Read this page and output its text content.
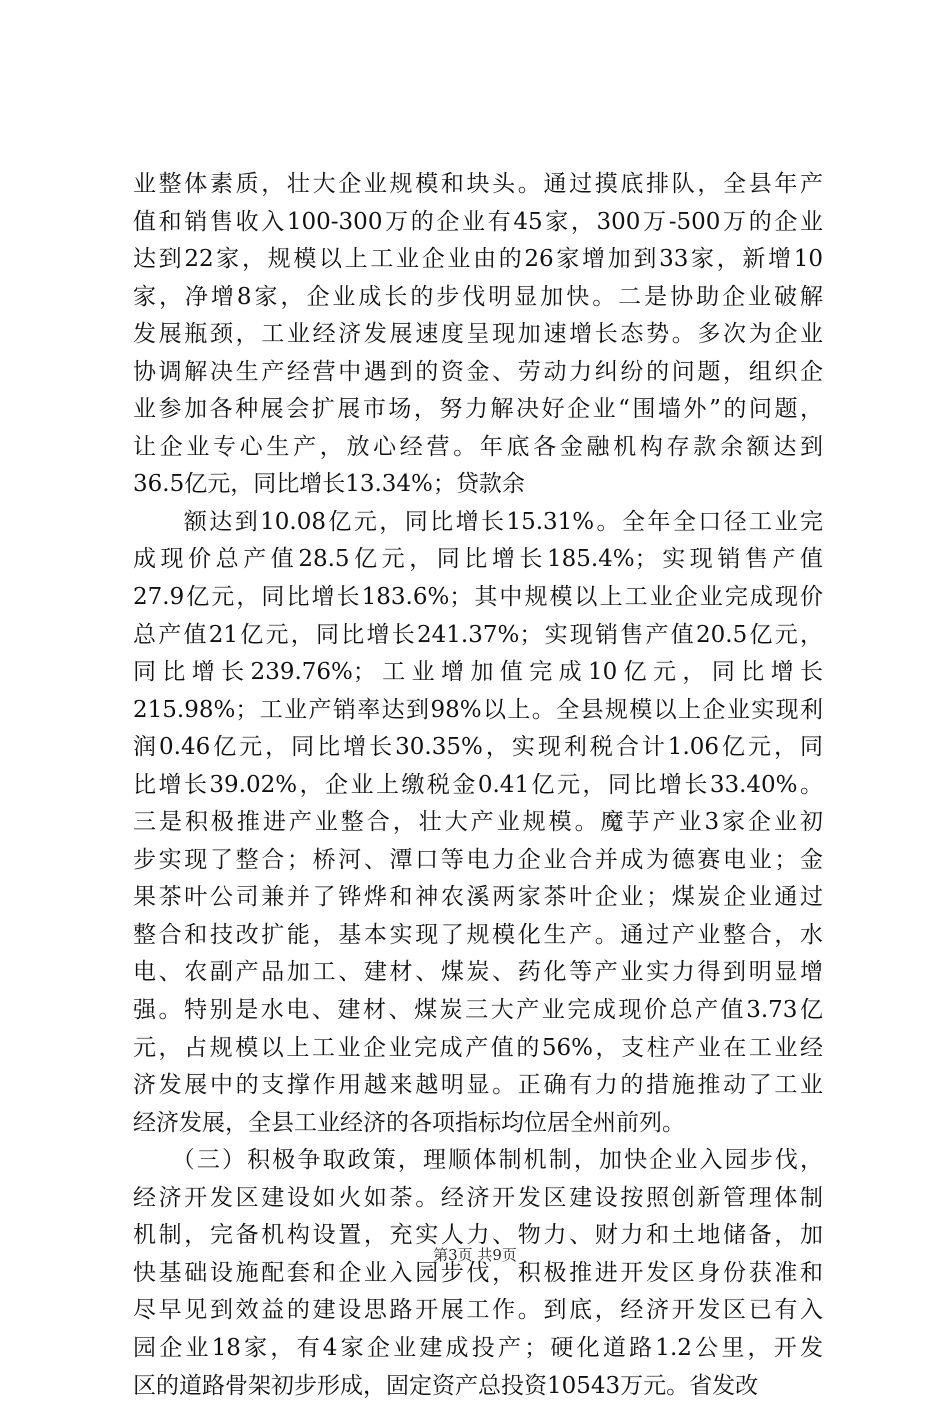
业整体素质，壮大企业规模和块头。通过摸底排队，全县年产
值和销售收入100-300万的企业有45家，300万-500万的企业
达到22家，规模以上工业企业由的26家增加到33家，新增10
家，净增8家，企业成长的步伐明显加快。二是协助企业破解
发展瓶颈，工业经济发展速度呈现加速增长态势。多次为企业
协调解决生产经营中遇到的资金、劳动力纠纷的问题，组织企
业参加各种展会扩展市场，努力解决好企业“围墙外”的问题，
让企业专心生产，放心经营。年底各金融机构存款余额达到
36.5亿元，同比增长13.34%；贷款余
　　额达到10.08亿元，同比增长15.31%。全年全口径工业完
成现价总产值28.5亿元，同比增长185.4%；实现销售产值
27.9亿元，同比增长183.6%；其中规模以上工业企业完成现价
总产值21亿元，同比增长241.37%；实现销售产值20.5亿元，
同比增长239.76%；工业增加值完成10亿元，同比增长
215.98%；工业产销率达到98%以上。全县规模以上企业实现利
润0.46亿元，同比增长30.35%，实现利税合计1.06亿元，同
比增长39.02%，企业上缴税金0.41亿元，同比增长33.40%。
三是积极推进产业整合，壮大产业规模。魔芋产业3家企业初
步实现了整合；桥河、潭口等电力企业合并成为德赛电业；金
果茶叶公司兼并了铧烨和神农溪两家茶叶企业；煤炭企业通过
整合和技改扩能，基本实现了规模化生产。通过产业整合，水
电、农副产品加工、建材、煤炭、药化等产业实力得到明显增
强。特别是水电、建材、煤炭三大产业完成现价总产值3.73亿
元，占规模以上工业企业完成产值的56%，支柱产业在工业经
济发展中的支撑作用越来越明显。正确有力的措施推动了工业
经济发展，全县工业经济的各项指标均位居全州前列。
　　（三）积极争取政策，理顺体制机制，加快企业入园步伐，
经济开发区建设如火如荼。经济开发区建设按照创新管理体制
机制，完备机构设置，充实人力、物力、财力和土地储备，加
快基础设施配套和企业入园步伐，积极推进开发区身份获准和
尽早见到效益的建设思路开展工作。到底，经济开发区已有入
园企业18家，有4家企业建成投产；硬化道路1.2公里，开发
区的道路骨架初步形成，固定资产总投资10543万元。省发改
第3页 共9页
